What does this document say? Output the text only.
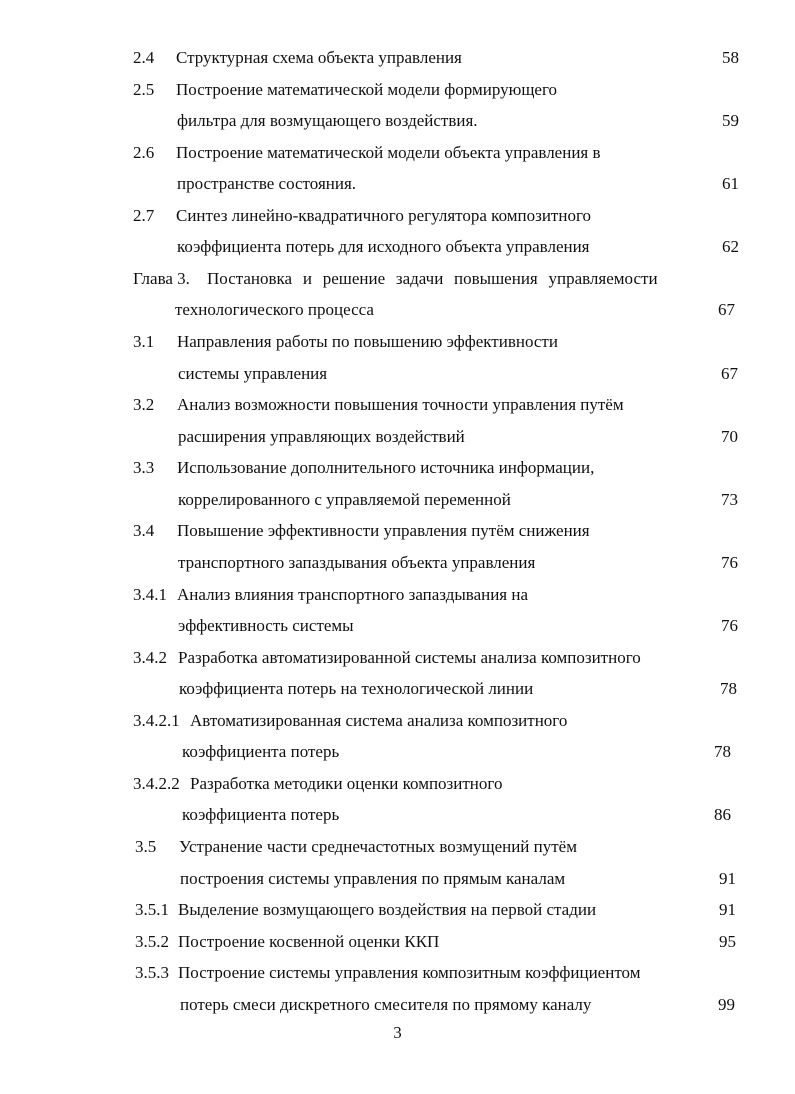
2.4	Структурная схема объекта управления	58
2.5	Построение математической модели формирующего
фильтра для возмущающего воздействия.	59
2.6	Построение математической модели объекта управления в
пространстве состояния.	61
2.7	Синтез линейно-квадратичного регулятора композитного
коэффициента потерь для исходного объекта управления	62
Глава 3.	Постановка и решение задачи повышения управляемости
технологического процесса	67
3.1	Направления работы по повышению эффективности
системы управления	67
3.2	Анализ возможности повышения точности управления путём
расширения управляющих воздействий	70
3.3	Использование дополнительного источника информации,
коррелированного с управляемой переменной	73
3.4	Повышение эффективности управления путём снижения
транспортного запаздывания объекта управления	76
3.4.1 Анализ влияния транспортного запаздывания на
эффективность системы	76
3.4.2 Разработка автоматизированной системы анализа композитного
коэффициента потерь на технологической линии	78
3.4.2.1 Автоматизированная система анализа композитного
коэффициента потерь	78
3.4.2.2 Разработка методики оценки композитного
коэффициента потерь	86
3.5	Устранение части среднечастотных возмущений путём
построения системы управления по прямым каналам	91
3.5.1 Выделение возмущающего воздействия на первой стадии	91
3.5.2 Построение косвенной оценки ККП	95
3.5.3 Построение системы управления композитным коэффициентом
потерь смеси дискретного смесителя по прямому каналу	99
3
